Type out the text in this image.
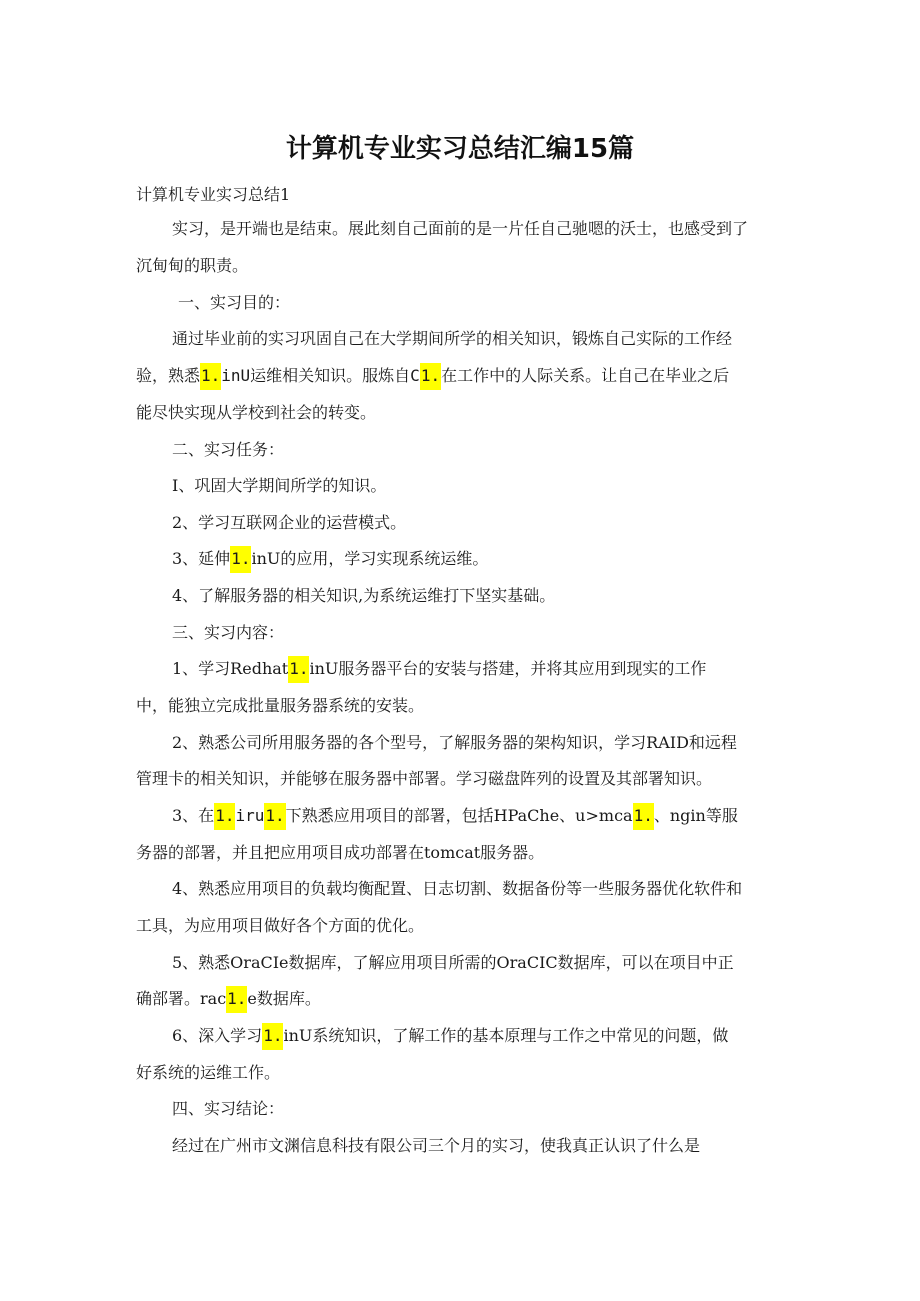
计算机专业实习总结汇编15篇
计算机专业实习总结1
实习，是开端也是结束。展此刻自己面前的是一片任自己驰嗯的沃士，也感受到了
沉甸甸的职责。
一、实习目的：
通过毕业前的实习巩固自己在大学期间所学的相关知识，锻炼自己实际的工作经
验，熟悉1.inU运维相关知识。服炼自C1.在工作中的人际关系。让自己在毕业之后
能尽快实现从学校到社会的转变。
二、实习任务：
I、巩固大学期间所学的知识。
2、学习互联网企业的运营模式。
3、延伸1.inU的应用，学习实现系统运维。
4、了解服务器的相关知识,为系统运维打下坚实基础。
三、实习内容：
1、学习Redhat1.inU服务器平台的安装与搭建，并将其应用到现实的工作
中，能独立完成批量服务器系统的安装。
2、熟悉公司所用服务器的各个型号，了解服务器的架构知识，学习RAID和远程
管理卡的相关知识，并能够在服务器中部署。学习磁盘阵列的设置及其部署知识。
3、在1.iru1.下熟悉应用项目的部署，包括HPaChe、u>mca1.、ngin等服
务器的部署，并且把应用项目成功部署在tomcat服务器。
4、熟悉应用项目的负载均衡配置、日志切割、数据备份等一些服务器优化软件和
工具，为应用项目做好各个方面的优化。
5、熟悉OraCIe数据库，了解应用项目所需的OraCIC数据库，可以在项目中正
确部署。rac1.e数据库。
6、深入学习1.inU系统知识，了解工作的基本原理与工作之中常见的问题，做
好系统的运维工作。
四、实习结论：
经过在广州市文渊信息科技有限公司三个月的实习，使我真正认识了什么是
